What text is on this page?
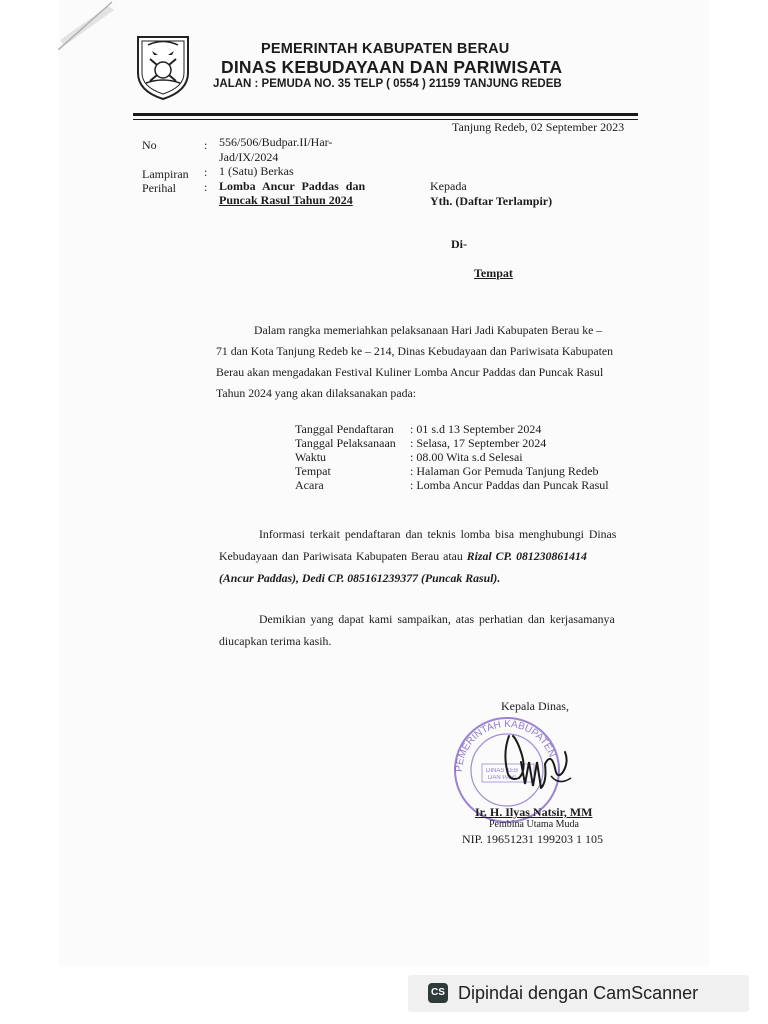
PEMERINTAH KABUPATEN BERAU
DINAS KEBUDAYAAN DAN PARIWISATA
JALAN : PEMUDA NO. 35 TELP ( 0554 ) 21159 TANJUNG REDEB
Tanjung Redeb, 02 September 2023
No	: 556/506/Budpar.II/Har-
Jad/IX/2024
Lampiran : 1 (Satu) Berkas
Perihal : Lomba Ancur Paddas dan
Puncak Rasul Tahun 2024
Kepada
Yth. (Daftar Terlampir)
Di-
Tempat
Dalam rangka memeriahkan pelaksanaan Hari Jadi Kabupaten Berau ke –
71 dan Kota Tanjung Redeb ke – 214, Dinas Kebudayaan dan Pariwisata Kabupaten
Berau akan mengadakan Festival Kuliner Lomba Ancur Paddas dan Puncak Rasul
Tahun 2024 yang akan dilaksanakan pada:
Tanggal Pendaftaran : 01 s.d 13 September 2024
Tanggal Pelaksanaan : Selasa, 17 September 2024
Waktu	: 08.00 Wita s.d Selesai
Tempat	: Halaman Gor Pemuda Tanjung Redeb
Acara	: Lomba Ancur Paddas dan Puncak Rasul
Informasi terkait pendaftaran dan teknis lomba bisa menghubungi Dinas
Kebudayaan dan Pariwisata Kabupaten Berau atau Rizal CP. 081230861414
(Ancur Paddas), Dedi CP. 085161239377 (Puncak Rasul).
Demikian yang dapat kami sampaikan, atas perhatian dan kerjasamanya
diucapkan terima kasih.
Kepala Dinas,
PEMERINTAH KABUPATEN
DINAS KEB
DAN PARI
Ir. H. Ilyas Natsir, MM
Pembina Utama Muda
NIP. 19651231 199203 1 105
CS Dipindai dengan CamScanner
